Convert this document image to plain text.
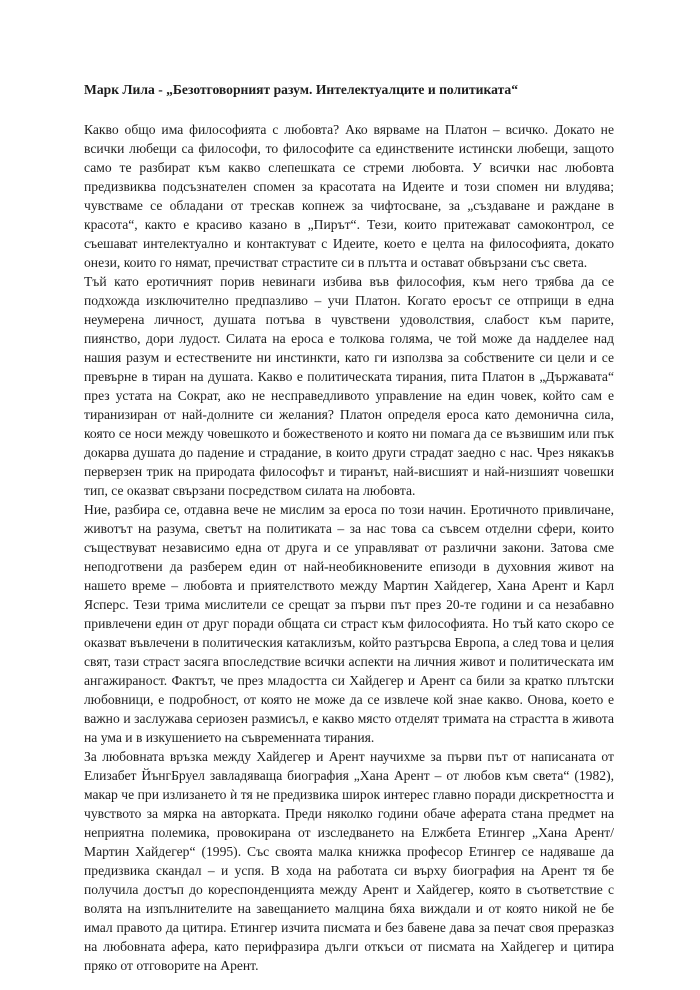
Марк Лила - „Безотговорният разум. Интелектуалците и политиката“

Какво общо има философията с любовта? Ако вярваме на Платон – всичко. Докато не всички любещи са философи, то философите са единствените истински любещи, защото само те разбират към какво слепешката се стреми любовта. У всички нас любовта предизвиква подсъзнателен спомен за красотата на Идеите и този спомен ни влудява; чувстваме се обладани от трескав копнеж за чифтосване, за „създаване и раждане в красота“, както е красиво казано в „Пирът“. Тези, които притежават самоконтрол, се съешават интелектуално и контактуват с Идеите, което е целта на философията, докато онези, които го нямат, пречистват страстите си в плътта и остават обвързани със света.

Тъй като еротичният порив невинаги избива във философия, към него трябва да се подхожда изключително предпазливо – учи Платон. Когато еросът се отприщи в една неумерена личност, душата потъва в чувствени удоволствия, слабост към парите, пиянство, дори лудост. Силата на ероса е толкова голяма, че той може да надделее над нашия разум и естествените ни инстинкти, като ги използва за собствените си цели и се превърне в тиран на душата. Какво е политическата тирания, пита Платон в „Държавата“ през устата на Сократ, ако не несправедливото управление на един човек, който сам е тиранизиран от най-долните си желания? Платон определя ероса като демонична сила, която се носи между човешкото и божественото и която ни помага да се възвишим или пък докарва душата до падение и страдание, в които други страдат заедно с нас. Чрез някакъв перверзен трик на природата философът и тиранът, най-висшият и най-низшият човешки тип, се оказват свързани посредством силата на любовта.

Ние, разбира се, отдавна вече не мислим за ероса по този начин. Еротичното привличане, животът на разума, светът на политиката – за нас това са съвсем отделни сфери, които съществуват независимо една от друга и се управляват от различни закони. Затова сме неподготвени да разберем един от най-необикновените епизоди в духовния живот на нашето време – любовта и приятелството между Мартин Хайдегер, Хана Арент и Карл Ясперс. Тези трима мислители се срещат за първи път през 20-те години и са незабавно привлечени един от друг поради общата си страст към философията. Но тъй като скоро се оказват въвлечени в политическия катаклизъм, който разтърсва Европа, а след това и целия свят, тази страст засяга впоследствие всички аспекти на личния живот и политическата им ангажираност. Фактът, че през младостта си Хайдегер и Арент са били за кратко плътски любовници, е подробност, от която не може да се извлече кой знае какво. Онова, което е важно и заслужава сериозен размисъл, е какво място отделят тримата на страстта в живота на ума и в изкушението на съвременната тирания.

За любовната връзка между Хайдегер и Арент научихме за първи път от написаната от Елизабет ЙънгБруел завладяваща биография „Хана Арент – от любов към света“ (1982), макар че при излизането ѝ тя не предизвика широк интерес главно поради дискретността и чувството за мярка на авторката. Преди няколко години обаче аферата стана предмет на неприятна полемика, провокирана от изследването на Елжбета Етингер „Хана Арент/Мартин Хайдегер“ (1995). Със своята малка книжка професор Етингер се надяваше да предизвика скандал – и успя. В хода на работата си върху биография на Арент тя бе получила достъп до кореспонденцията между Арент и Хайдегер, която в съответствие с волята на изпълнителите на завещанието малцина бяха виждали и от която никой не бе имал правото да цитира. Етингер изчита писмата и без бавене дава за печат своя преразказ на любовната афера, като перифразира дълги откъси от писмата на Хайдегер и цитира пряко от отговорите на Арент.
